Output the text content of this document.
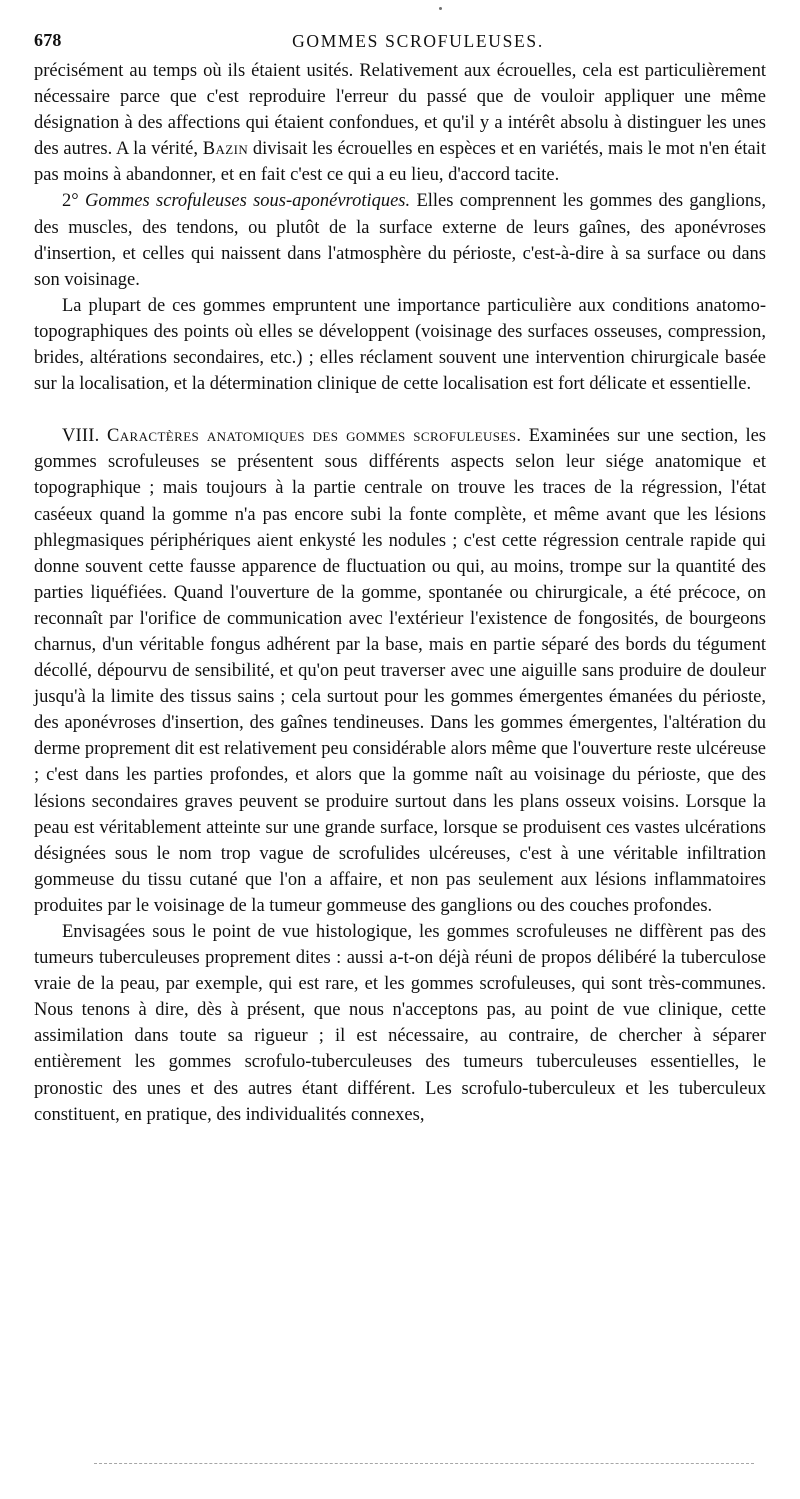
678	GOMMES SCROFULEUSES.

précisément au temps où ils étaient usités. Relativement aux écrouelles, cela est particulièrement nécessaire parce que c'est reproduire l'erreur du passé que de vouloir appliquer une même désignation à des affections qui étaient confondues, et qu'il y a intérêt absolu à distinguer les unes des autres. A la vérité, Bazin divisait les écrouelles en espèces et en variétés, mais le mot n'en était pas moins à abandonner, et en fait c'est ce qui a eu lieu, d'accord tacite.

2° Gommes scrofuleuses sous-aponévrotiques. Elles comprennent les gommes des ganglions, des muscles, des tendons, ou plutôt de la surface externe de leurs gaînes, des aponévroses d'insertion, et celles qui naissent dans l'atmosphère du périoste, c'est-à-dire à sa surface ou dans son voisinage.

La plupart de ces gommes empruntent une importance particulière aux conditions anatomo-topographiques des points où elles se développent (voisinage des surfaces osseuses, compression, brides, altérations secondaires, etc.) ; elles réclament souvent une intervention chirurgicale basée sur la localisation, et la détermination clinique de cette localisation est fort délicate et essentielle.

VIII. Caractères anatomiques des gommes scrofuleuses. Examinées sur une section, les gommes scrofuleuses se présentent sous différents aspects selon leur siége anatomique et topographique ; mais toujours à la partie centrale on trouve les traces de la régression, l'état caséeux quand la gomme n'a pas encore subi la fonte complète, et même avant que les lésions phlegmasiques périphériques aient enkysté les nodules ; c'est cette régression centrale rapide qui donne souvent cette fausse apparence de fluctuation ou qui, au moins, trompe sur la quantité des parties liquéfiées. Quand l'ouverture de la gomme, spontanée ou chirurgicale, a été précoce, on reconnaît par l'orifice de communication avec l'extérieur l'existence de fongosités, de bourgeons charnus, d'un véritable fongus adhérent par la base, mais en partie séparé des bords du tégument décollé, dépourvu de sensibilité, et qu'on peut traverser avec une aiguille sans produire de douleur jusqu'à la limite des tissus sains ; cela surtout pour les gommes émergentes émanées du périoste, des aponévroses d'insertion, des gaînes tendineuses. Dans les gommes émergentes, l'altération du derme proprement dit est relativement peu considérable alors même que l'ouverture reste ulcéreuse ; c'est dans les parties profondes, et alors que la gomme naît au voisinage du périoste, que des lésions secondaires graves peuvent se produire surtout dans les plans osseux voisins. Lorsque la peau est véritablement atteinte sur une grande surface, lorsque se produisent ces vastes ulcérations désignées sous le nom trop vague de scrofulides ulcéreuses, c'est à une véritable infiltration gommeuse du tissu cutané que l'on a affaire, et non pas seulement aux lésions inflammatoires produites par le voisinage de la tumeur gommeuse des ganglions ou des couches profondes.

Envisagées sous le point de vue histologique, les gommes scrofuleuses ne diffèrent pas des tumeurs tuberculeuses proprement dites : aussi a-t-on déjà réuni de propos délibéré la tuberculose vraie de la peau, par exemple, qui est rare, et les gommes scrofuleuses, qui sont très-communes. Nous tenons à dire, dès à présent, que nous n'acceptons pas, au point de vue clinique, cette assimilation dans toute sa rigueur ; il est nécessaire, au contraire, de chercher à séparer entièrement les gommes scrofulo-tuberculeuses des tumeurs tuberculeuses essentielles, le pronostic des unes et des autres étant différent. Les scrofulo-tuberculeux et les tuberculeux constituent, en pratique, des individualités connexes,
